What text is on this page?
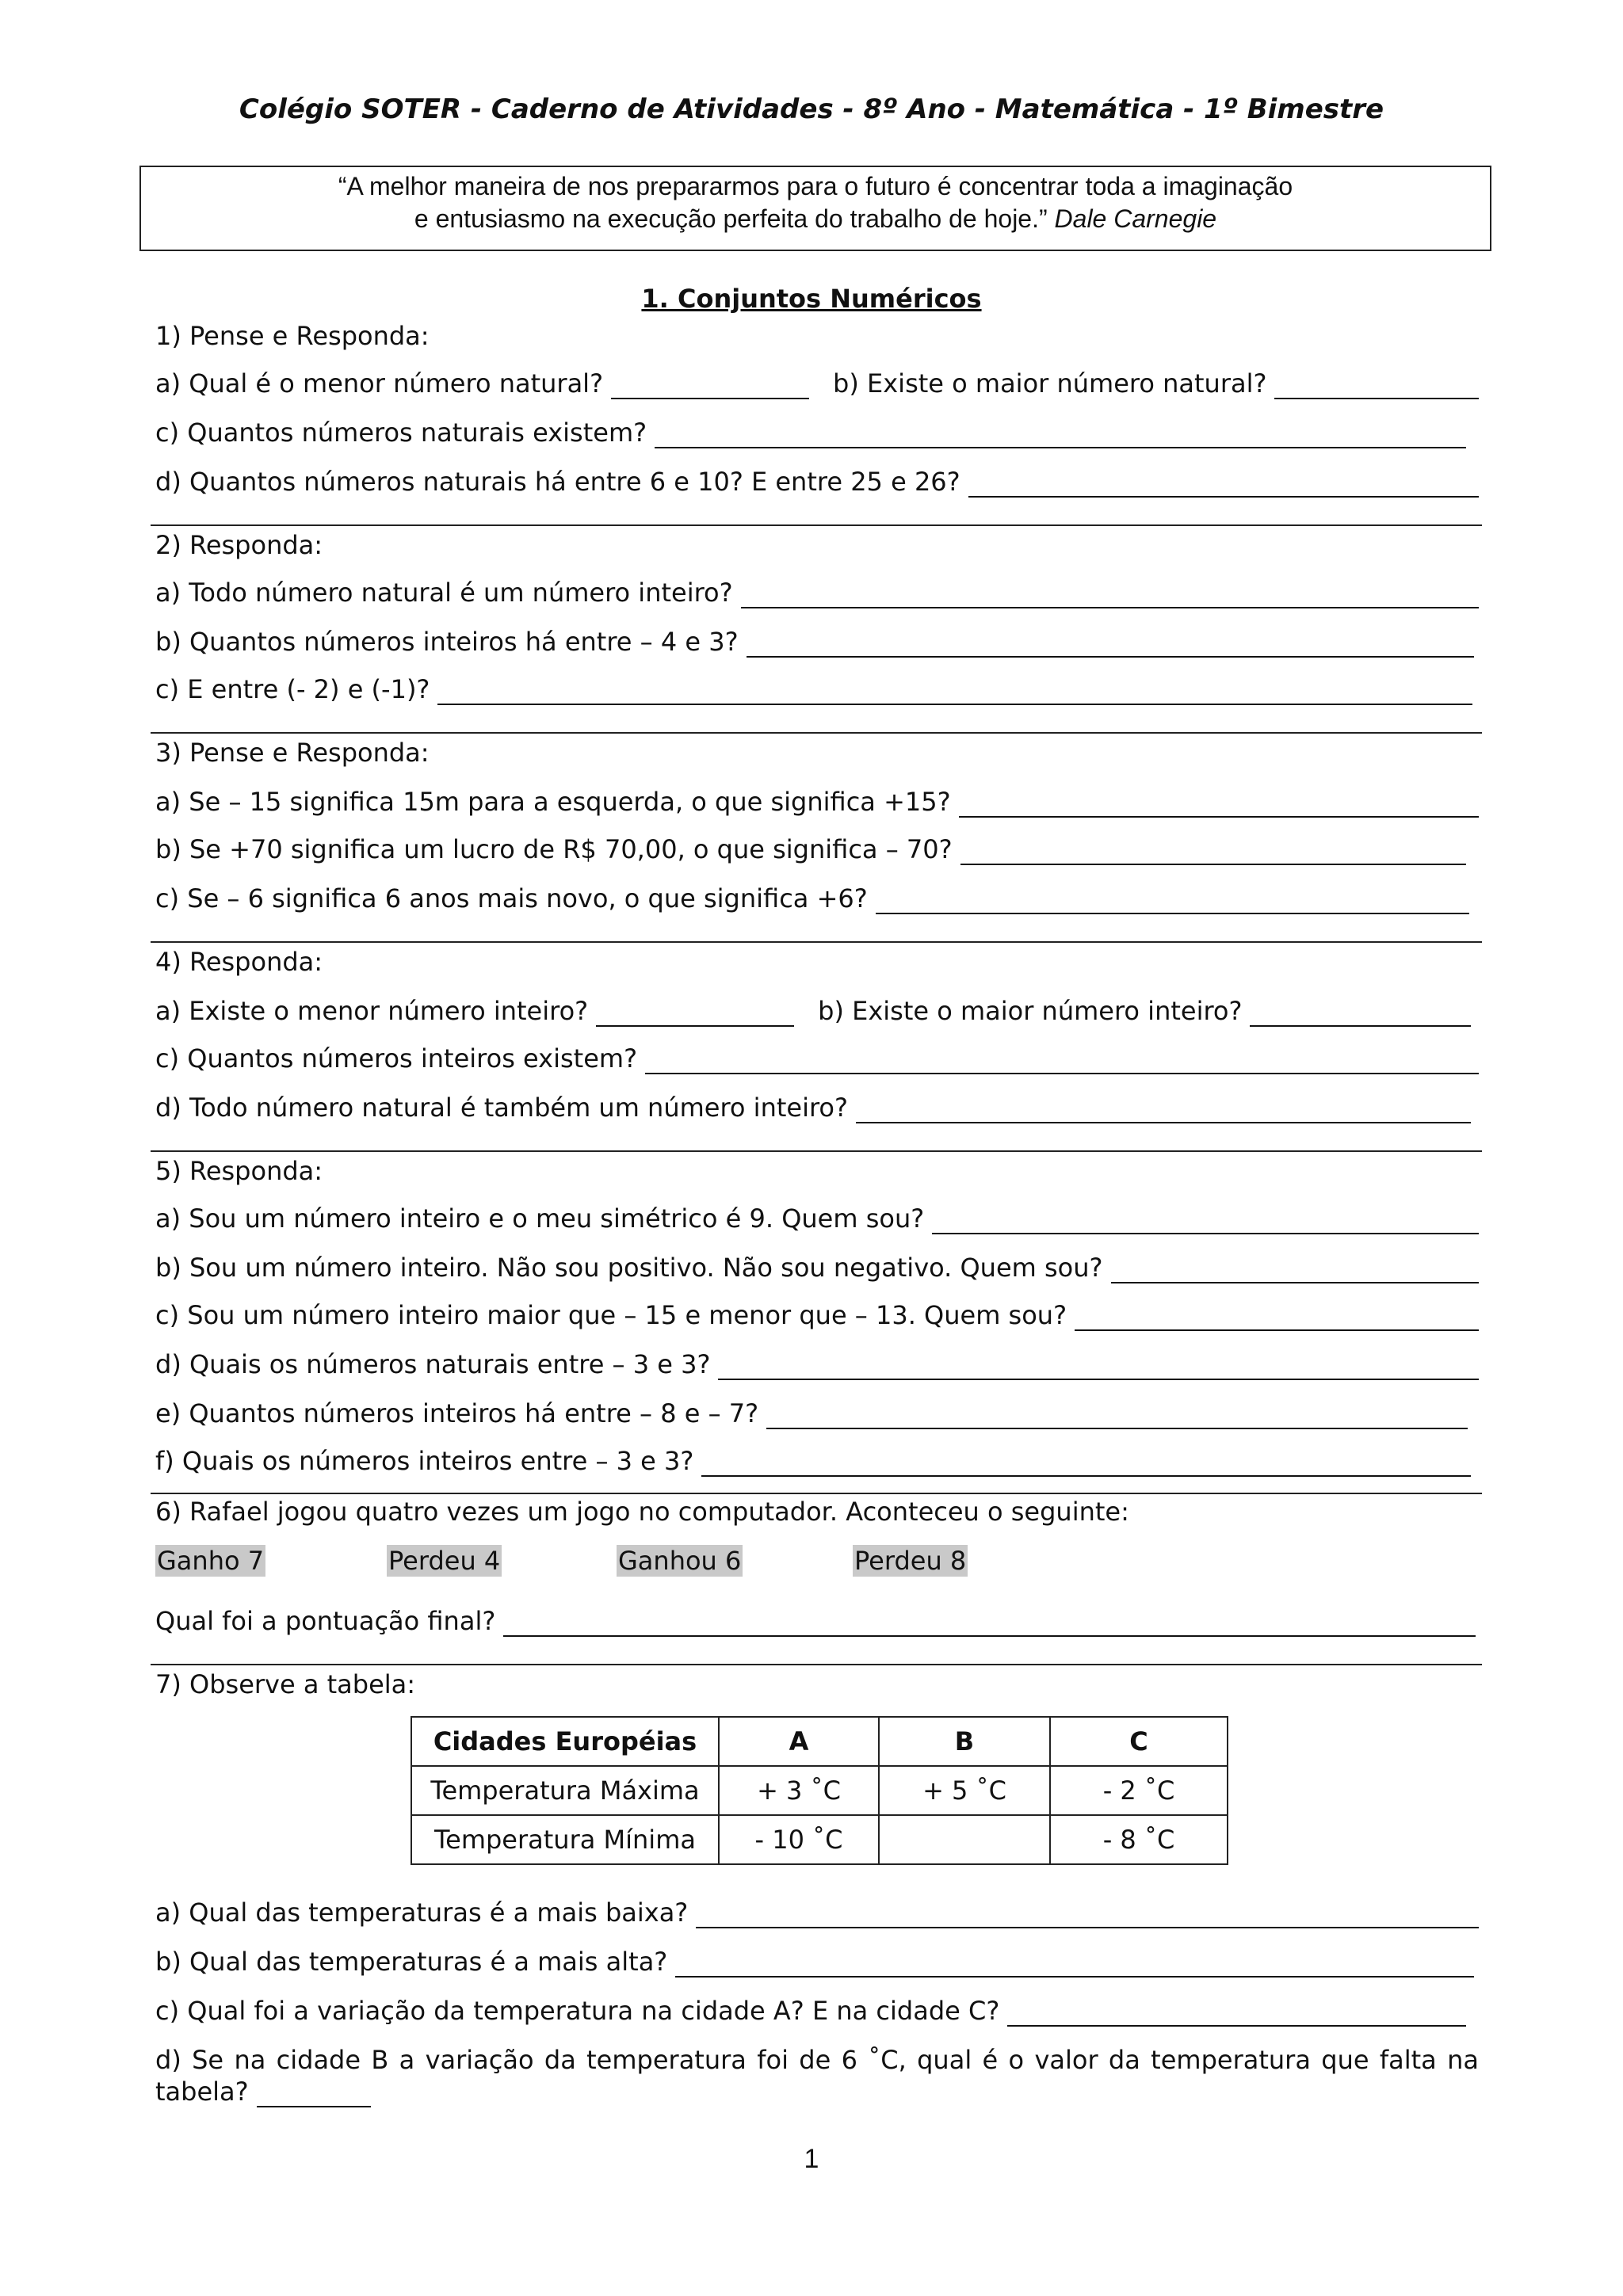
Colégio SOTER - Caderno de Atividades - 8º Ano - Matemática - 1º Bimestre
“A melhor maneira de nos prepararmos para o futuro é concentrar toda a imaginação
e entusiasmo na execução perfeita do trabalho de hoje.” Dale Carnegie
1. Conjuntos Numéricos
1) Pense e Responda:
a) Qual é o menor número natural?	b) Existe o maior número natural?
c) Quantos números naturais existem?
d) Quantos números naturais há entre 6 e 10? E entre 25 e 26?
2) Responda:
a) Todo número natural é um número inteiro?
b) Quantos números inteiros há entre – 4 e 3?
c) E entre (- 2) e (-1)?
3) Pense e Responda:
a) Se – 15 significa 15m para a esquerda, o que significa +15?
b) Se +70 significa um lucro de R$ 70,00, o que significa – 70?
c) Se – 6 significa 6 anos mais novo, o que significa +6?
4) Responda:
a) Existe o menor número inteiro?	b) Existe o maior número inteiro?
c) Quantos números inteiros existem?
d) Todo número natural é também um número inteiro?
5) Responda:
a) Sou um número inteiro e o meu simétrico é 9. Quem sou?
b) Sou um número inteiro. Não sou positivo. Não sou negativo. Quem sou?
c) Sou um número inteiro maior que – 15 e menor que – 13. Quem sou?
d) Quais os números naturais entre – 3 e 3?
e) Quantos números inteiros há entre – 8 e – 7?
f) Quais os números inteiros entre – 3 e 3?
6) Rafael jogou quatro vezes um jogo no computador. Aconteceu o seguinte:
Ganho 7	Perdeu 4	Ganhou 6	Perdeu 8
Qual foi a pontuação final?
7) Observe a tabela:
Cidades Européias	A	B	C
Temperatura Máxima	+ 3 ˚C	+ 5 ˚C	- 2 ˚C
Temperatura Mínima	- 10 ˚C		- 8 ˚C
a) Qual das temperaturas é a mais baixa?
b) Qual das temperaturas é a mais alta?
c) Qual foi a variação da temperatura na cidade A? E na cidade C?
d) Se na cidade B a variação da temperatura foi de 6 ˚C, qual é o valor da temperatura que falta na
tabela?
1
